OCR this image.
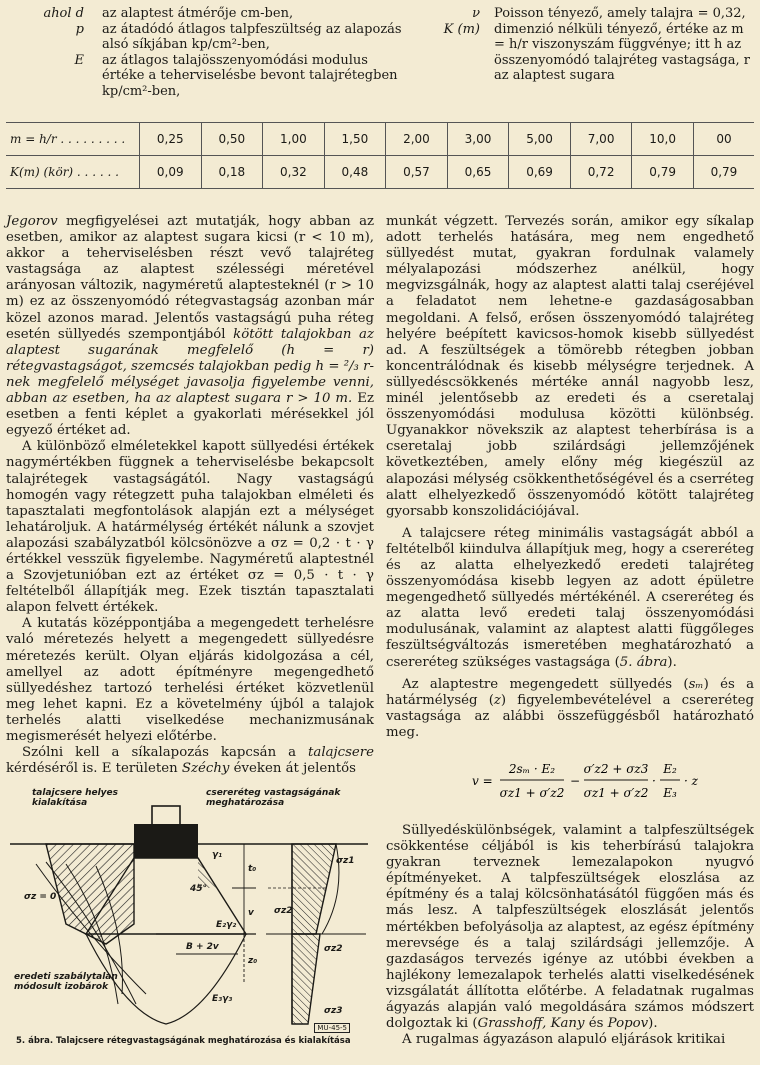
ahol d	az alaptest átmérője cm-ben,
p	az átadódó átlagos talpfeszültség az alapozás alsó síkjában kp/cm²-ben,
E	az átlagos talajösszenyomódási modulus értéke a teherviselésbe bevont talajrétegben kp/cm²-ben,
ν	Poisson tényező, amely talajra = 0,32,
K (m)	dimenzió nélküli tényező, értéke az m = h/r viszonyszám függvénye; itt h az összenyomódó talajréteg vastagsága, r az alaptest sugara
m = h/r . . . . . . . . .	0,25	0,50	1,00	1,50	2,00	3,00	5,00	7,00	10,0	00
K(m) (kör) . . . . . .	0,09	0,18	0,32	0,48	0,57	0,65	0,69	0,72	0,79	0,79

Jegorov megfigyelései azt mutatják, hogy abban az esetben, amikor az alaptest sugara kicsi (r < 10 m), akkor a teherviselésben részt vevő talajréteg vastagsága az alaptest szélességi méretével arányosan változik, nagyméretű alaptesteknél (r > 10 m) ez az összenyomódó rétegvastagság azonban már közel azonos marad. Jelentős vastagságú puha réteg esetén süllyedés szempontjából kötött talajokban az alaptest sugarának megfelelő (h = r) rétegvastagságot, szemcsés talajokban pedig h = ²/₃ r-nek megfelelő mélységet javasolja figyelembe venni, abban az esetben, ha az alaptest sugara r > 10 m. Ez esetben a fenti képlet a gyakorlati mérésekkel jól egyező értéket ad.

A különböző elméletekkel kapott süllyedési értékek nagymértékben függnek a teherviselésbe bekapcsolt talajrétegek vastagságától. Nagy vastagságú homogén vagy rétegzett puha talajokban elméleti és tapasztalati megfontolások alapján ezt a mélységet lehatároljuk. A határmélység értékét nálunk a szovjet alapozási szabályzatból kölcsönözve a σz = 0,2 · t · γ értékkel vesszük figyelembe. Nagyméretű alaptestnél a Szovjetunióban ezt az értéket σz = 0,5 · t · γ feltételből állapítják meg. Ezek tisztán tapasztalati alapon felvett értékek.

A kutatás középpontjába a megengedett terhelésre való méretezés helyett a megengedett süllyedésre méretezés került. Olyan eljárás kidolgozása a cél, amellyel az adott építményre megengedhető süllyedéshez tartozó terhelési értéket közvetlenül meg lehet kapni. Ez a követelmény újból a talajok terhelés alatti viselkedése mechanizmusának megismerését helyezi előtérbe.

Szólni kell a síkalapozás kapcsán a talajcsere kérdéséről is. E területen Széchy éveken át jelentős

munkát végzett. Tervezés során, amikor egy síkalap adott terhelés hatására, meg nem engedhető süllyedést mutat, gyakran fordulnak valamely mélyalapozási módszerhez anélkül, hogy megvizsgálnák, hogy az alaptest alatti talaj cseréjével a feladatot nem lehetne-e gazdaságosabban megoldani. A felső, erősen összenyomódó talajréteg helyére beépített kavicsos-homok kisebb süllyedést ad. A feszültségek a tömörebb rétegben jobban koncentrálódnak és kisebb mélységre terjednek. A süllyedéscsökkenés mértéke annál nagyobb lesz, minél jelentősebb az eredeti és a cseretalaj összenyomódási modulusa közötti különbség. Ugyanakkor növekszik az alaptest teherbírása is a cseretalaj jobb szilárdsági jellemzőjének következtében, amely előny még kiegészül az alapozási mélység csökkenthetőségével és a cserréteg alatt elhelyezkedő összenyomódó kötött talajréteg gyorsabb konszolidációjával.

A talajcsere réteg minimális vastagságát abból a feltételből kiindulva állapítjuk meg, hogy a csereréteg és az alatta elhelyezkedő eredeti talajréteg összenyomódása kisebb legyen az adott épületre megengedhető süllyedés mértékénél. A csereréteg és az alatta levő eredeti talaj összenyomódási modulusának, valamint az alaptest alatti függőleges feszültségváltozás ismeretében meghatározható a csereréteg szükséges vastagsága (5. ábra).

Az alaptestre megengedett süllyedés (sₘ) és a határmélység (z) figyelembevételével a csereréteg vastagsága az alábbi összefüggésből határozható meg.

v =
2sₘ · E₂
σz1 + σ′z2
−
σ′z2 + σz3
σz1 + σ′z2
·
E₂
E₃
· z

Süllyedéskülönbségek, valamint a talpfeszültségek csökkentése céljából is kis teherbírású talajokra gyakran terveznek lemezalapokon nyugvó építményeket. A talpfeszültségek eloszlása az építmény és a talaj kölcsönhatásától függően más és más lesz. A talpfeszültségek eloszlását jelentős mértékben befolyásolja az alaptest, az egész építmény merevsége és a talaj szilárdsági jellemzője. A gazdaságos tervezés igénye az utóbbi években a hajlékony lemezalapok terhelés alatti viselkedésének vizsgálatát állította előtérbe. A feladatnak rugalmas ágyazás alapján való megoldására számos módszert dolgoztak ki (Grasshoff, Kany és Popov).

A rugalmas ágyazáson alapuló eljárások kritikai

talajcsere helyes
kialakítása
csereréteg vastagságának
meghatározása
eredeti szabálytalan
módosult izobárok
σz = 0
γ₁
t₀
v
z₀
45°
E₂γ₂
B + 2v
E₃γ₃
σz1
σz2
σz2
σz3
MŰ-45-5
5. ábra. Talajcsere rétegvastagságának meghatározása és kialakítása
